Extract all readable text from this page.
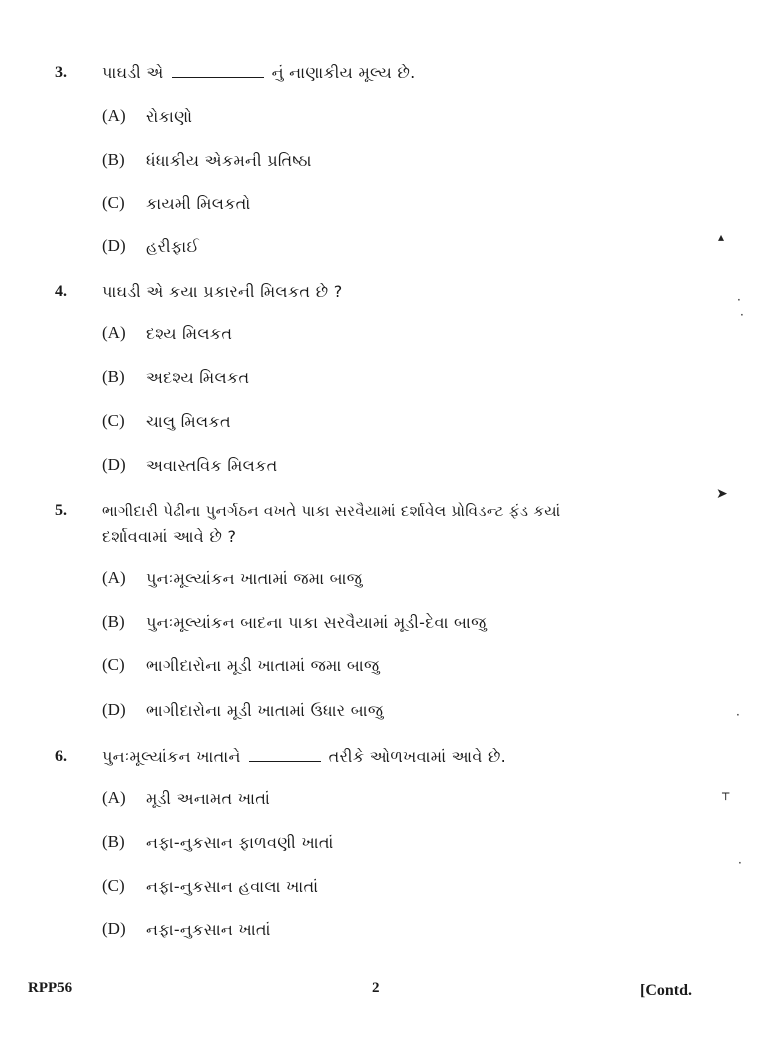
3. પાઘડી એ	નું નાણાકીય મૂલ્ય છે.
(A) રોકાણો
(B) ધંધાકીય એકમની પ્રતિષ્ઠા
(C) કાયમી મિલકતો
(D) હરીફાઈ
4. પાઘડી એ કયા પ્રકારની મિલકત છે ?
(A) દશ્ય મિલકત
(B) અદશ્ય મિલકત
(C) ચાલુ મિલકત
(D) અવાસ્તવિક મિલકત
5. ભાગીદારી પેઢીના પુનર્ગઠન વખતે પાકા સરવૈયામાં દર્શાવેલ પ્રોવિડન્ટ ફંડ કયાં
દર્શાવવામાં આવે છે ?
(A) પુનઃમૂલ્યાંકન ખાતામાં જમા બાજુ
(B) પુનઃમૂલ્યાંકન બાદના પાકા સરવૈયામાં મૂડી-દેવા બાજુ
(C) ભાગીદારોના મૂડી ખાતામાં જમા બાજુ
(D) ભાગીદારોના મૂડી ખાતામાં ઉધાર બાજુ
6. પુનઃમૂલ્યાંકન ખાતાને	તરીકે ઓળખવામાં આવે છે.
(A) મૂડી અનામત ખાતાં
(B) નફા-નુકસાન ફાળવણી ખાતાં
(C) નફા-નુકસાન હવાલા ખાતાં
(D) નફા-નુકસાન ખાતાં
RPP56	2	[Contd.
▴
·
·
➤
·
┬
·
